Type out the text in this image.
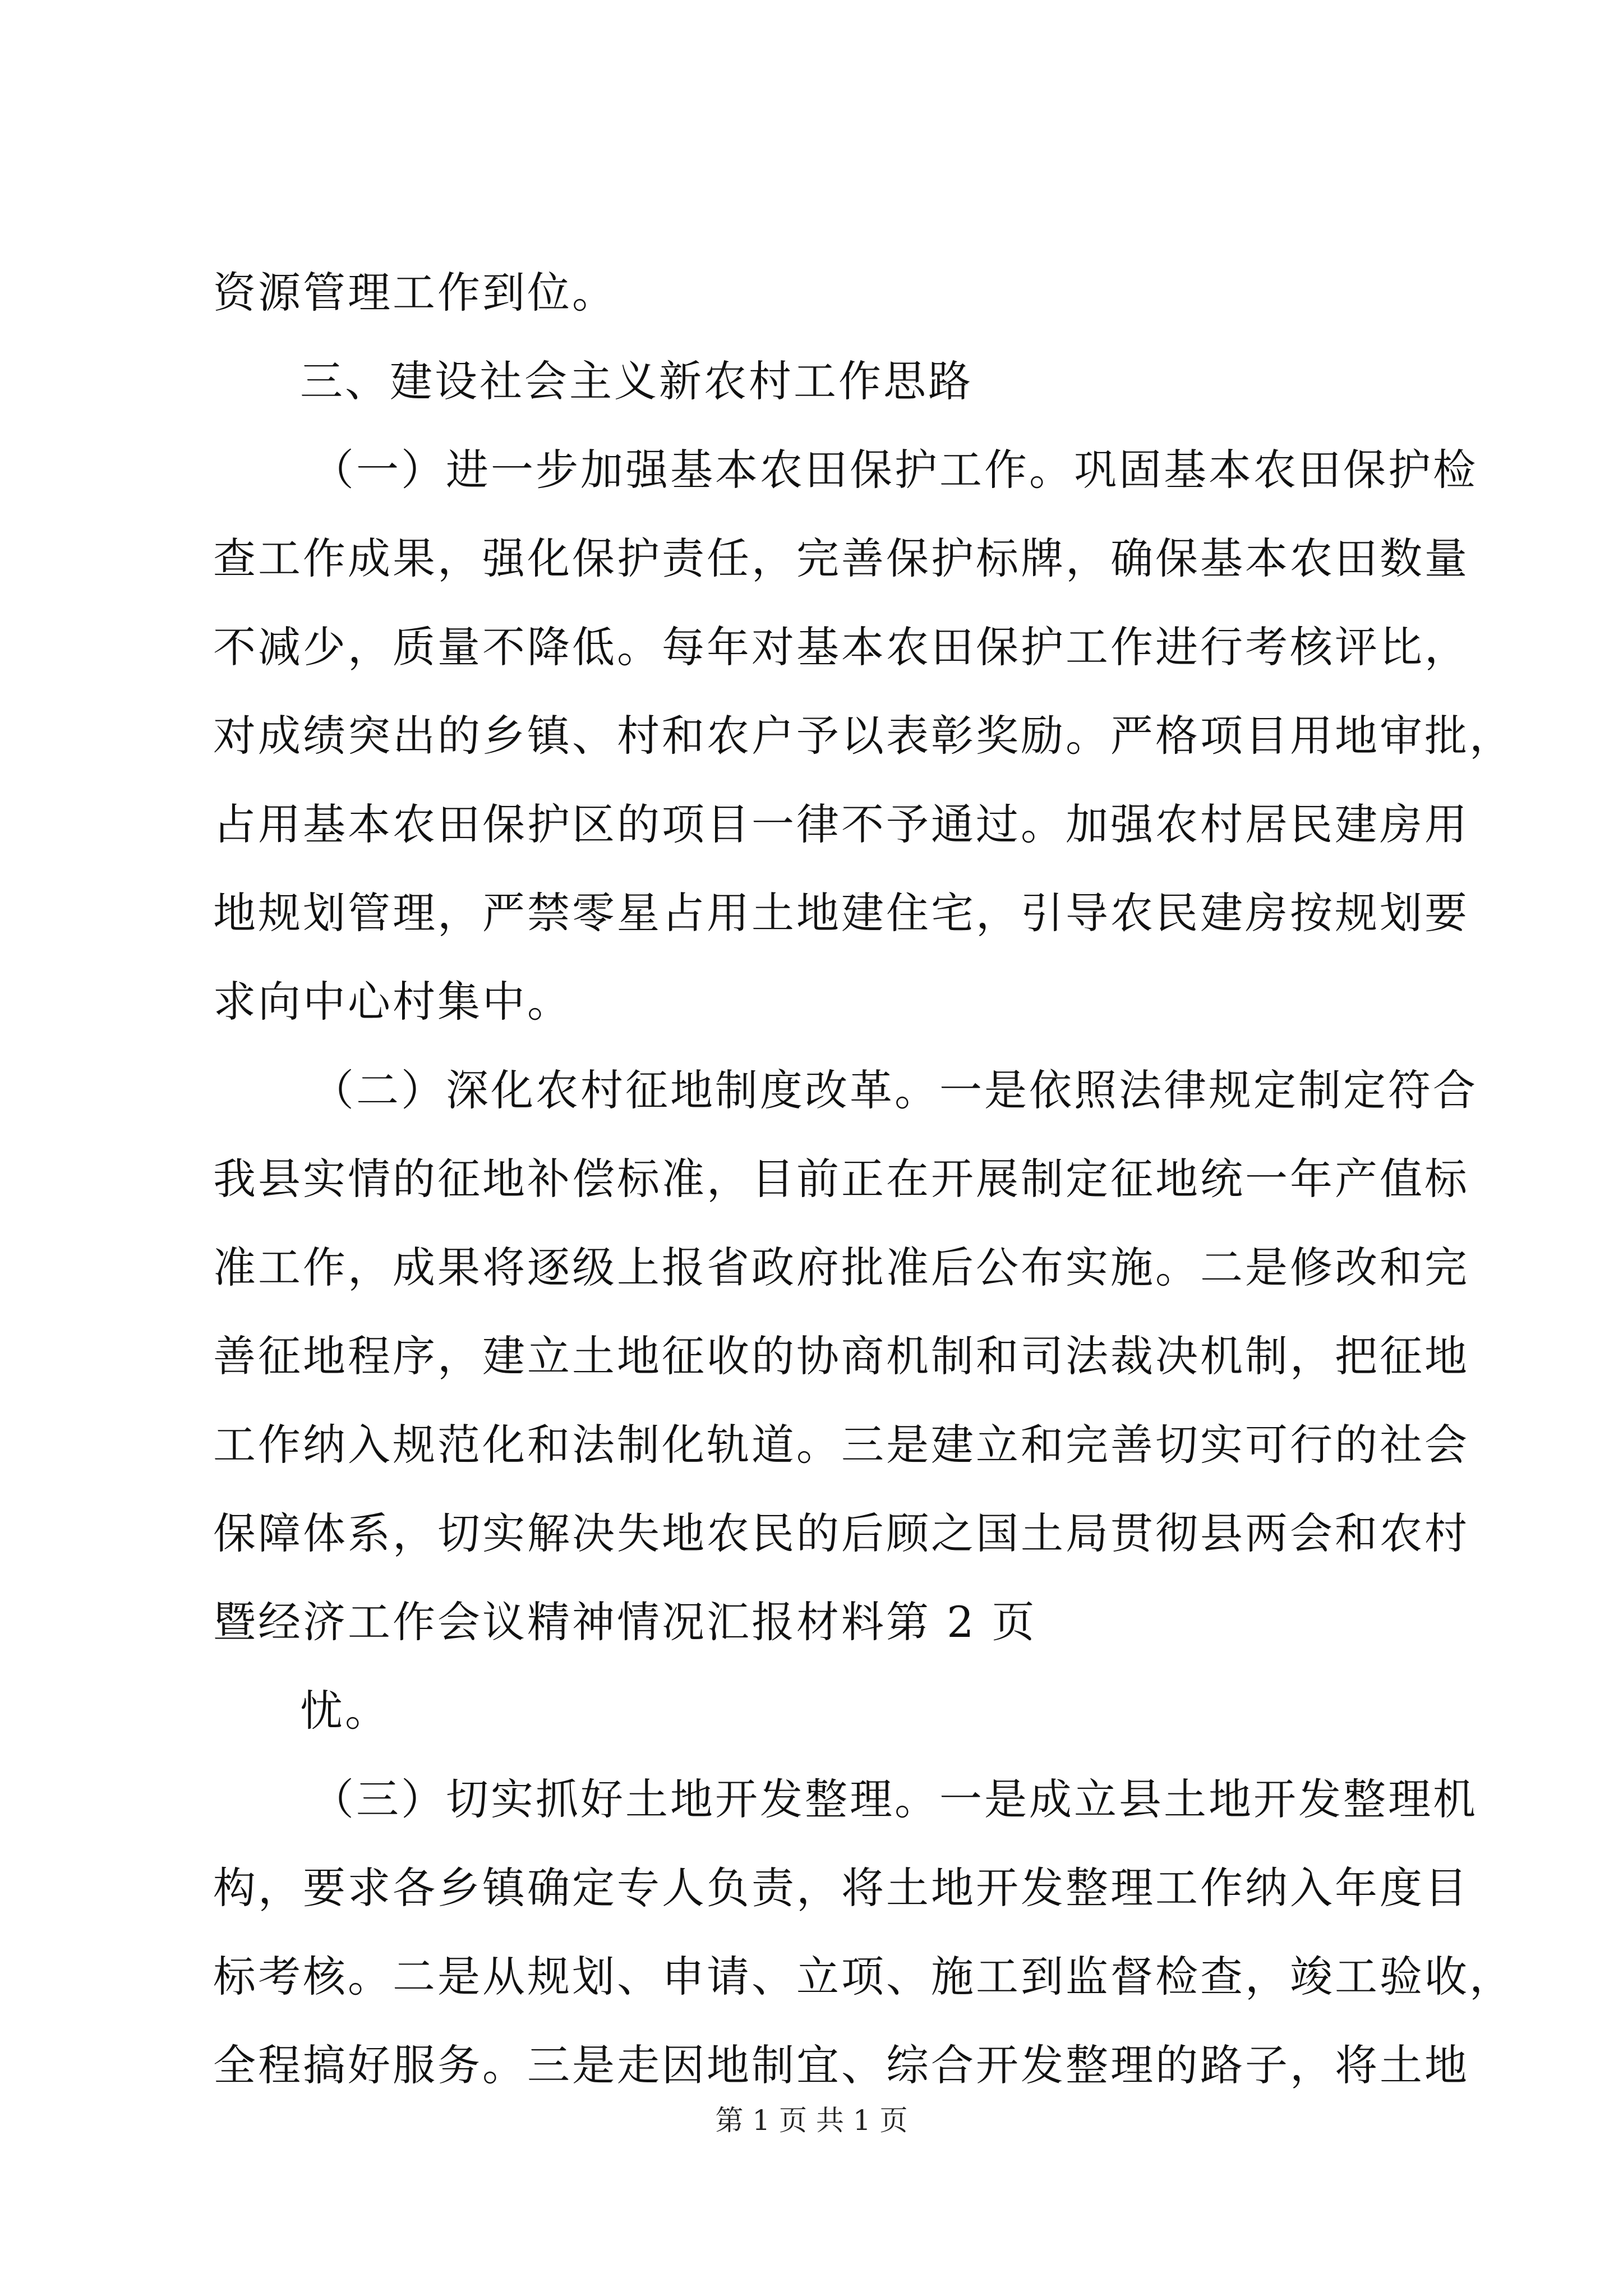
资源管理工作到位。
三、建设社会主义新农村工作思路
（一）进一步加强基本农田保护工作。巩固基本农田保护检
查工作成果，强化保护责任，完善保护标牌，确保基本农田数量
不减少，质量不降低。每年对基本农田保护工作进行考核评比，
对成绩突出的乡镇、村和农户予以表彰奖励。严格项目用地审批，
占用基本农田保护区的项目一律不予通过。加强农村居民建房用
地规划管理，严禁零星占用土地建住宅，引导农民建房按规划要
求向中心村集中。
（二）深化农村征地制度改革。一是依照法律规定制定符合
我县实情的征地补偿标准，目前正在开展制定征地统一年产值标
准工作，成果将逐级上报省政府批准后公布实施。二是修改和完
善征地程序，建立土地征收的协商机制和司法裁决机制，把征地
工作纳入规范化和法制化轨道。三是建立和完善切实可行的社会
保障体系，切实解决失地农民的后顾之国土局贯彻县两会和农村
暨经济工作会议精神情况汇报材料第 2 页
忧。
（三）切实抓好土地开发整理。一是成立县土地开发整理机
构，要求各乡镇确定专人负责，将土地开发整理工作纳入年度目
标考核。二是从规划、申请、立项、施工到监督检查，竣工验收，
全程搞好服务。三是走因地制宜、综合开发整理的路子，将土地
第 1 页 共 1 页
